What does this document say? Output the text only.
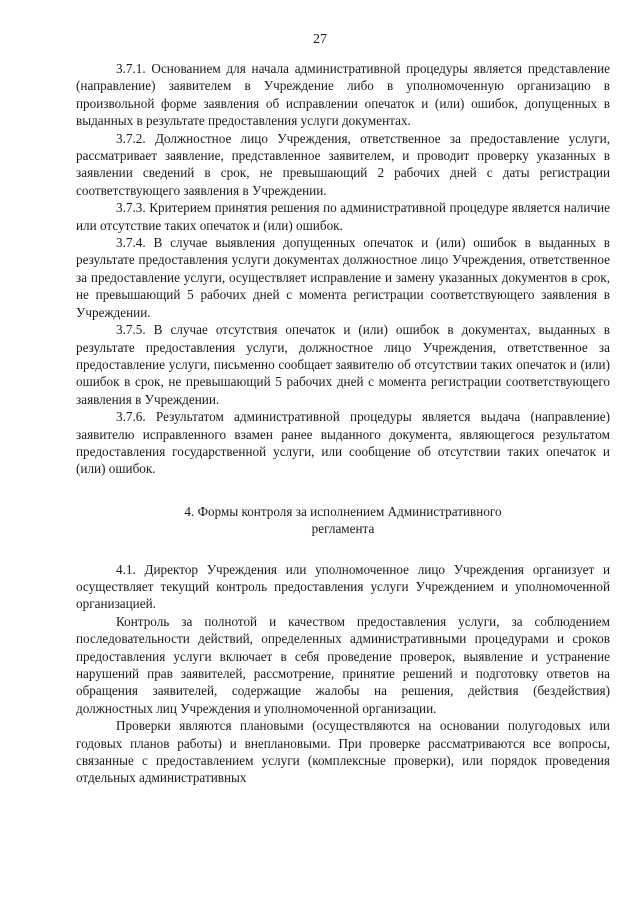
27

3.7.1. Основанием для начала административной процедуры является представление (направление) заявителем в Учреждение либо в уполномоченную организацию в произвольной форме заявления об исправлении опечаток и (или) ошибок, допущенных в выданных в результате предоставления услуги документах.

3.7.2. Должностное лицо Учреждения, ответственное за предоставление услуги, рассматривает заявление, представленное заявителем, и проводит проверку указанных в заявлении сведений в срок, не превышающий 2 рабочих дней с даты регистрации соответствующего заявления в Учреждении.

3.7.3. Критерием принятия решения по административной процедуре является наличие или отсутствие таких опечаток и (или) ошибок.

3.7.4. В случае выявления допущенных опечаток и (или) ошибок в выданных в результате предоставления услуги документах должностное лицо Учреждения, ответственное за предоставление услуги, осуществляет исправление и замену указанных документов в срок, не превышающий 5 рабочих дней с момента регистрации соответствующего заявления в Учреждении.

3.7.5. В случае отсутствия опечаток и (или) ошибок в документах, выданных в результате предоставления услуги, должностное лицо Учреждения, ответственное за предоставление услуги, письменно сообщает заявителю об отсутствии таких опечаток и (или) ошибок в срок, не превышающий 5 рабочих дней с момента регистрации соответствующего заявления в Учреждении.

3.7.6. Результатом административной процедуры является выдача (направление) заявителю исправленного взамен ранее выданного документа, являющегося результатом предоставления государственной услуги, или сообщение об отсутствии таких опечаток и (или) ошибок.

4. Формы контроля за исполнением Административного
регламента

4.1. Директор Учреждения или уполномоченное лицо Учреждения организует и осуществляет текущий контроль предоставления услуги Учреждением и уполномоченной организацией.

Контроль за полнотой и качеством предоставления услуги, за соблюдением последовательности действий, определенных административными процедурами и сроков предоставления услуги включает в себя проведение проверок, выявление и устранение нарушений прав заявителей, рассмотрение, принятие решений и подготовку ответов на обращения заявителей, содержащие жалобы на решения, действия (бездействия) должностных лиц Учреждения и уполномоченной организации.

Проверки являются плановыми (осуществляются на основании полугодовых или годовых планов работы) и внеплановыми. При проверке рассматриваются все вопросы, связанные с предоставлением услуги (комплексные проверки), или порядок проведения отдельных административных
